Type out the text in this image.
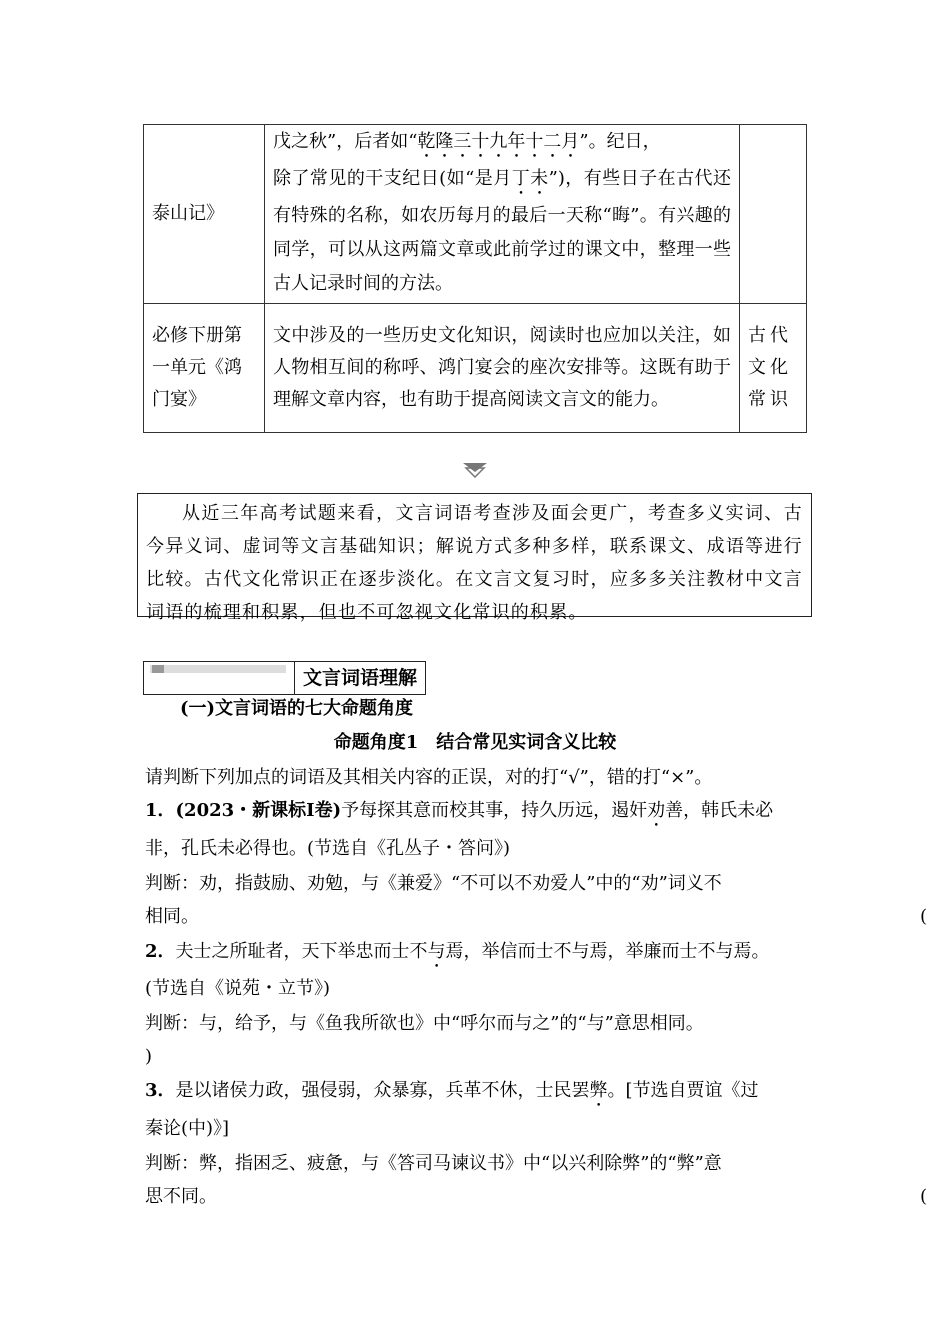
泰山记》	戊之秋”，后者如“乾隆三十九年十二月”。纪日，
除了常见的干支纪日(如“是月丁未”)，有些日子在古代还有特殊的名称，如农历每月的最后一天称“晦”。有兴趣的同学，可以从这两篇文章或此前学过的课文中，整理一些古人记录时间的方法。	
必修下册第一单元《鸿门宴》	文中涉及的一些历史文化知识，阅读时也应加以关注，如人物相互间的称呼、鸿门宴会的座次安排等。这既有助于理解文章内容，也有助于提高阅读文言文的能力。	古代文化常识

从近三年高考试题来看，文言词语考查涉及面会更广，考查多义实词、古今异义词、虚词等文言基础知识；解说方式多种多样，联系课文、成语等进行比较。古代文化常识正在逐步淡化。在文言文复习时，应多多关注教材中文言词语的梳理和积累，但也不可忽视文化常识的积累。

文言词语理解
(一)文言词语的七大命题角度
命题角度1　结合常见实词含义比较
请判断下列加点的词语及其相关内容的正误，对的打“√”，错的打“×”。
1．(2023・新课标Ⅰ卷)予每探其意而校其事，持久历远，遏奸劝善，韩氏未必
非，孔氏未必得也。(节选自《孔丛子・答问》)
判断：劝，指鼓励、劝勉，与《兼爱》“不可以不劝爱人”中的“劝”词义不
相同。	(
2．夫士之所耻者，天下举忠而士不与焉，举信而士不与焉，举廉而士不与焉。
(节选自《说苑・立节》)
判断：与，给予，与《鱼我所欲也》中“呼尔而与之”的“与”意思相同。
)
3．是以诸侯力政，强侵弱，众暴寡，兵革不休，士民罢弊。[节选自贾谊《过
秦论(中)》]
判断：弊，指困乏、疲惫，与《答司马谏议书》中“以兴利除弊”的“弊”意
思不同。	(
